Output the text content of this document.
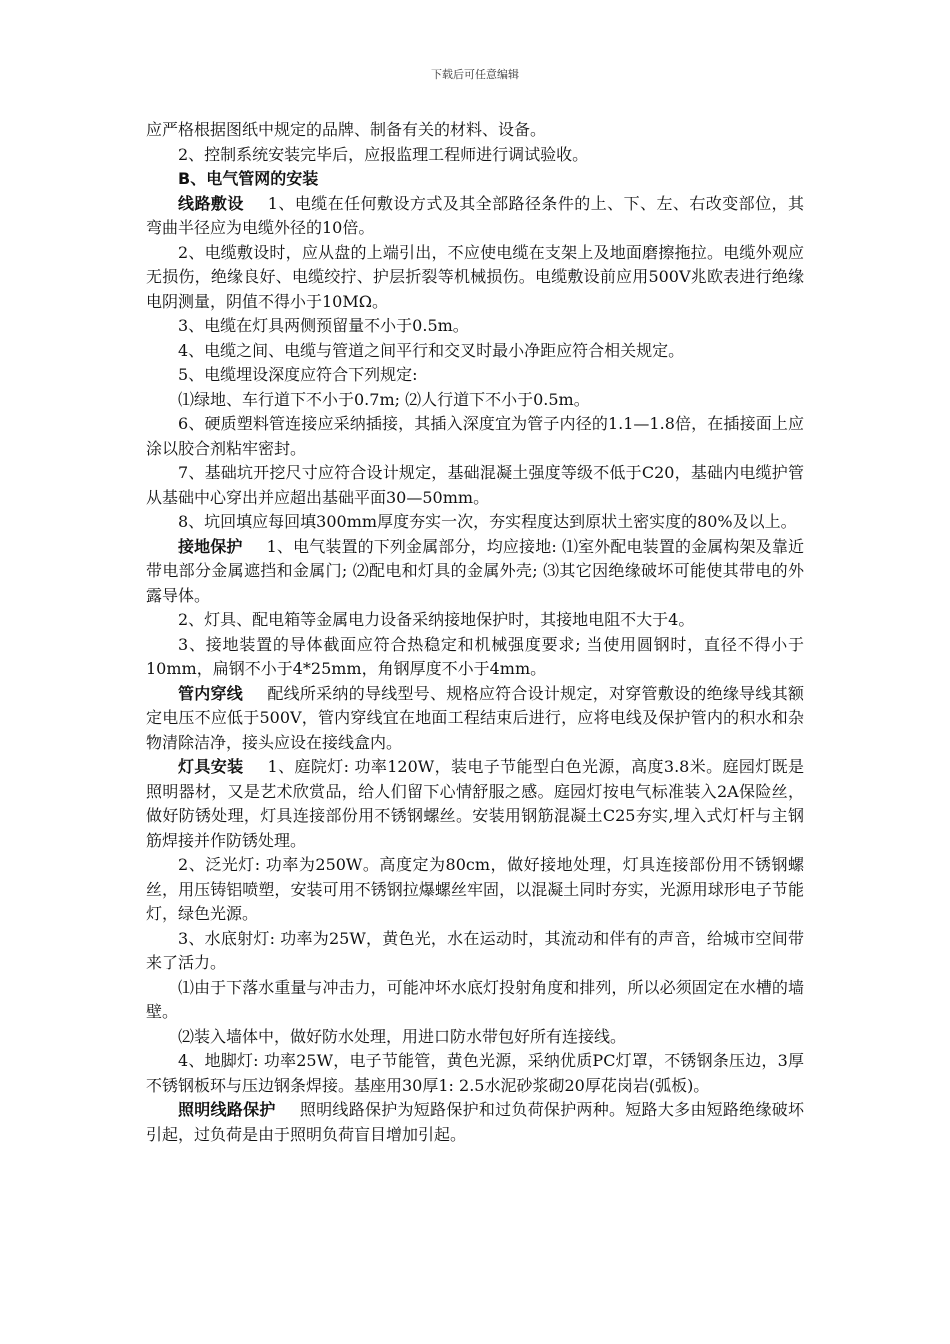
下载后可任意编辑

应严格根据图纸中规定的品牌、制备有关的材料、设备。

2、控制系统安装完毕后，应报监理工程师进行调试验收。

B、电气管网的安装

线路敷设 1、电缆在任何敷设方式及其全部路径条件的上、下、左、右改变部位，其弯曲半径应为电缆外径的10倍。

2、电缆敷设时，应从盘的上端引出，不应使电缆在支架上及地面磨擦拖拉。电缆外观应无损伤，绝缘良好、电缆绞拧、护层折裂等机械损伤。电缆敷设前应用500V兆欧表进行绝缘电阴测量，阴值不得小于10MΩ。

3、电缆在灯具两侧预留量不小于0.5m。

4、电缆之间、电缆与管道之间平行和交叉时最小净距应符合相关规定。

5、电缆埋设深度应符合下列规定:

⑴绿地、车行道下不小于0.7m; ⑵人行道下不小于0.5m。

6、硬质塑料管连接应采纳插接，其插入深度宜为管子内径的1.1—1.8倍，在插接面上应涂以胶合剂粘牢密封。

7、基础坑开挖尺寸应符合设计规定，基础混凝土强度等级不低于C20，基础内电缆护管从基础中心穿出并应超出基础平面30—50mm。

8、坑回填应每回填300mm厚度夯实一次，夯实程度达到原状土密实度的80%及以上。

接地保护 1、电气装置的下列金属部分，均应接地: ⑴室外配电装置的金属构架及靠近带电部分金属遮挡和金属门; ⑵配电和灯具的金属外壳; ⑶其它因绝缘破坏可能使其带电的外露导体。

2、灯具、配电箱等金属电力设备采纳接地保护时，其接地电阻不大于4。

3、接地装置的导体截面应符合热稳定和机械强度要求; 当使用圆钢时，直径不得小于10mm，扁钢不小于4*25mm，角钢厚度不小于4mm。

管内穿线 配线所采纳的导线型号、规格应符合设计规定，对穿管敷设的绝缘导线其额定电压不应低于500V，管内穿线宜在地面工程结束后进行，应将电线及保护管内的积水和杂物清除洁净，接头应设在接线盒内。

灯具安装 1、庭院灯: 功率120W，装电子节能型白色光源，高度3.8米。庭园灯既是照明器材，又是艺术欣赏品，给人们留下心情舒服之感。庭园灯按电气标准装入2A保险丝，做好防锈处理，灯具连接部份用不锈钢螺丝。安装用钢筋混凝土C25夯实,埋入式灯杆与主钢筋焊接并作防锈处理。

2、泛光灯: 功率为250W。高度定为80cm，做好接地处理，灯具连接部份用不锈钢螺丝，用压铸铝喷塑，安装可用不锈钢拉爆螺丝牢固，以混凝土同时夯实，光源用球形电子节能灯，绿色光源。

3、水底射灯: 功率为25W，黄色光，水在运动时，其流动和伴有的声音，给城市空间带来了活力。

⑴由于下落水重量与冲击力，可能冲坏水底灯投射角度和排列，所以必须固定在水槽的墙壁。

⑵装入墙体中，做好防水处理，用进口防水带包好所有连接线。

4、地脚灯: 功率25W，电子节能管，黄色光源，采纳优质PC灯罩，不锈钢条压边，3厚不锈钢板环与压边钢条焊接。基座用30厚1: 2.5水泥砂浆砌20厚花岗岩(弧板)。

照明线路保护 照明线路保护为短路保护和过负荷保护两种。短路大多由短路绝缘破坏引起，过负荷是由于照明负荷盲目增加引起。
